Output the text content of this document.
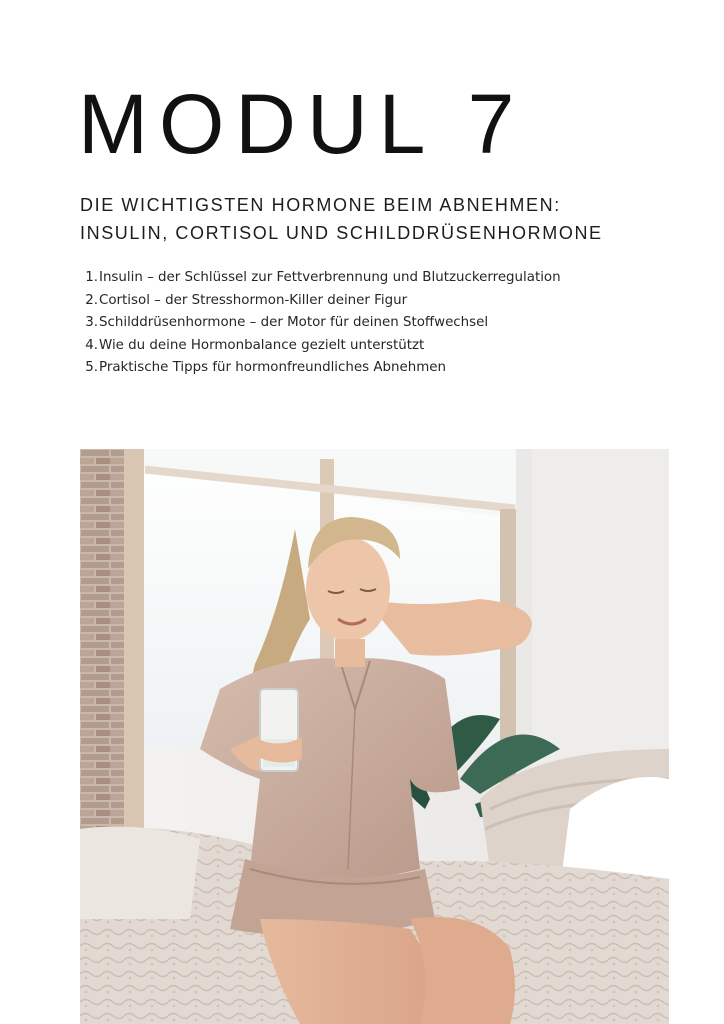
MODUL 7
DIE WICHTIGSTEN HORMONE BEIM ABNEHMEN:
INSULIN, CORTISOL UND SCHILDDRÜSENHORMONE
1. Insulin – der Schlüssel zur Fettverbrennung und Blutzuckerregulation
2. Cortisol – der Stresshormon-Killer deiner Figur
3. Schilddrüsenhormone – der Motor für deinen Stoffwechsel
4. Wie du deine Hormonbalance gezielt unterstützt
5. Praktische Tipps für hormonfreundliches Abnehmen
